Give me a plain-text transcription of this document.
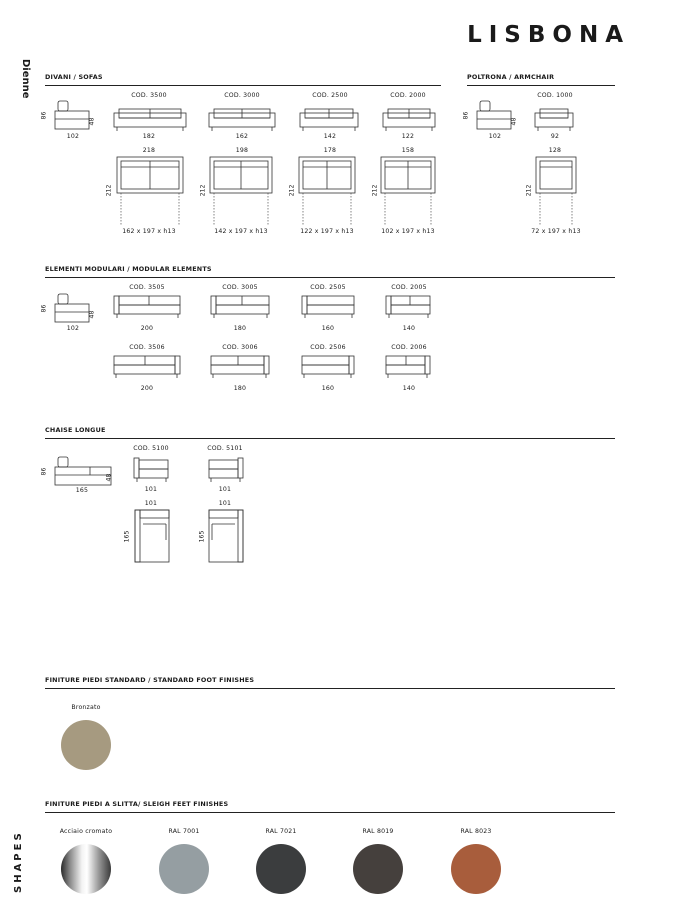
LISBONA
Dienne DIVANI / SOFAS
86
48
102
COD. 3500	COD. 3000	COD. 2500	COD. 2000
182	162	142	122
218	198	178	158
212	212	212	212
162 x 197 x h13	142 x 197 x h13	122 x 197 x h13	102 x 197 x h13
POLTRONA / ARMCHAIR
86
48
102
COD. 1000
92
128
212
72 x 197 x h13
ELEMENTI MODULARI / MODULAR ELEMENTS
86
48
102
COD. 3505	COD. 3005	COD. 2505	COD. 2005
200	180	160	140
COD. 3506	COD. 3006	COD. 2506	COD. 2006
200	180	160	140
CHAISE LONGUE
86
48
165
COD. 5100	COD. 5101
101	101
101	101
165	165
FINITURE PIEDI STANDARD / STANDARD FOOT FINISHES
Bronzato
FINITURE PIEDI A SLITTA/ SLEIGH FEET FINISHES
Acciaio cromato	RAL 7001	RAL 7021	RAL 8019	RAL 8023
SHAPES
